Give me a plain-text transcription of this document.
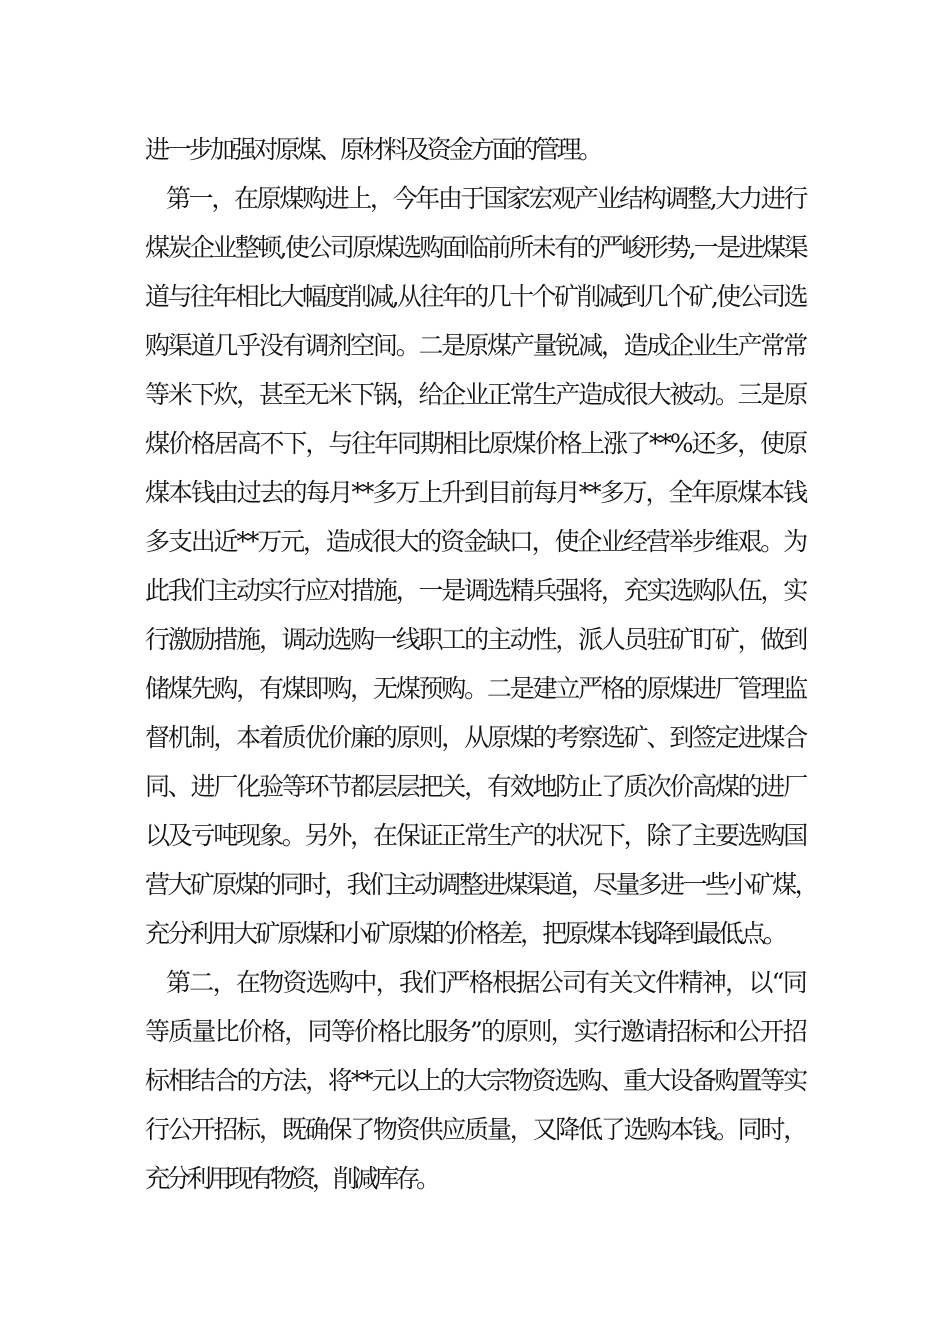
进一步加强对原煤、原材料及资金方面的管理。
第一，在原煤购进上，今年由于国家宏观产业结构调整,大力进行
煤炭企业整顿,使公司原煤选购面临前所未有的严峻形势,一是进煤渠
道与往年相比大幅度削减,从往年的几十个矿削减到几个矿,使公司选
购渠道几乎没有调剂空间。二是原煤产量锐减，造成企业生产常常
等米下炊，甚至无米下锅，给企业正常生产造成很大被动。三是原
煤价格居高不下，与往年同期相比原煤价格上涨了**%还多，使原
煤本钱由过去的每月**多万上升到目前每月**多万，全年原煤本钱
多支出近**万元，造成很大的资金缺口，使企业经营举步维艰。为
此我们主动实行应对措施，一是调选精兵强将，充实选购队伍，实
行激励措施，调动选购一线职工的主动性，派人员驻矿盯矿，做到
储煤先购，有煤即购，无煤预购。二是建立严格的原煤进厂管理监
督机制，本着质优价廉的原则，从原煤的考察选矿、到签定进煤合
同、进厂化验等环节都层层把关，有效地防止了质次价高煤的进厂
以及亏吨现象。另外，在保证正常生产的状况下，除了主要选购国
营大矿原煤的同时，我们主动调整进煤渠道，尽量多进一些小矿煤，
充分利用大矿原煤和小矿原煤的价格差，把原煤本钱降到最低点。
第二，在物资选购中，我们严格根据公司有关文件精神，以“同
等质量比价格，同等价格比服务”的原则，实行邀请招标和公开招
标相结合的方法，将**元以上的大宗物资选购、重大设备购置等实
行公开招标，既确保了物资供应质量，又降低了选购本钱。同时，
充分利用现有物资，削减库存。
